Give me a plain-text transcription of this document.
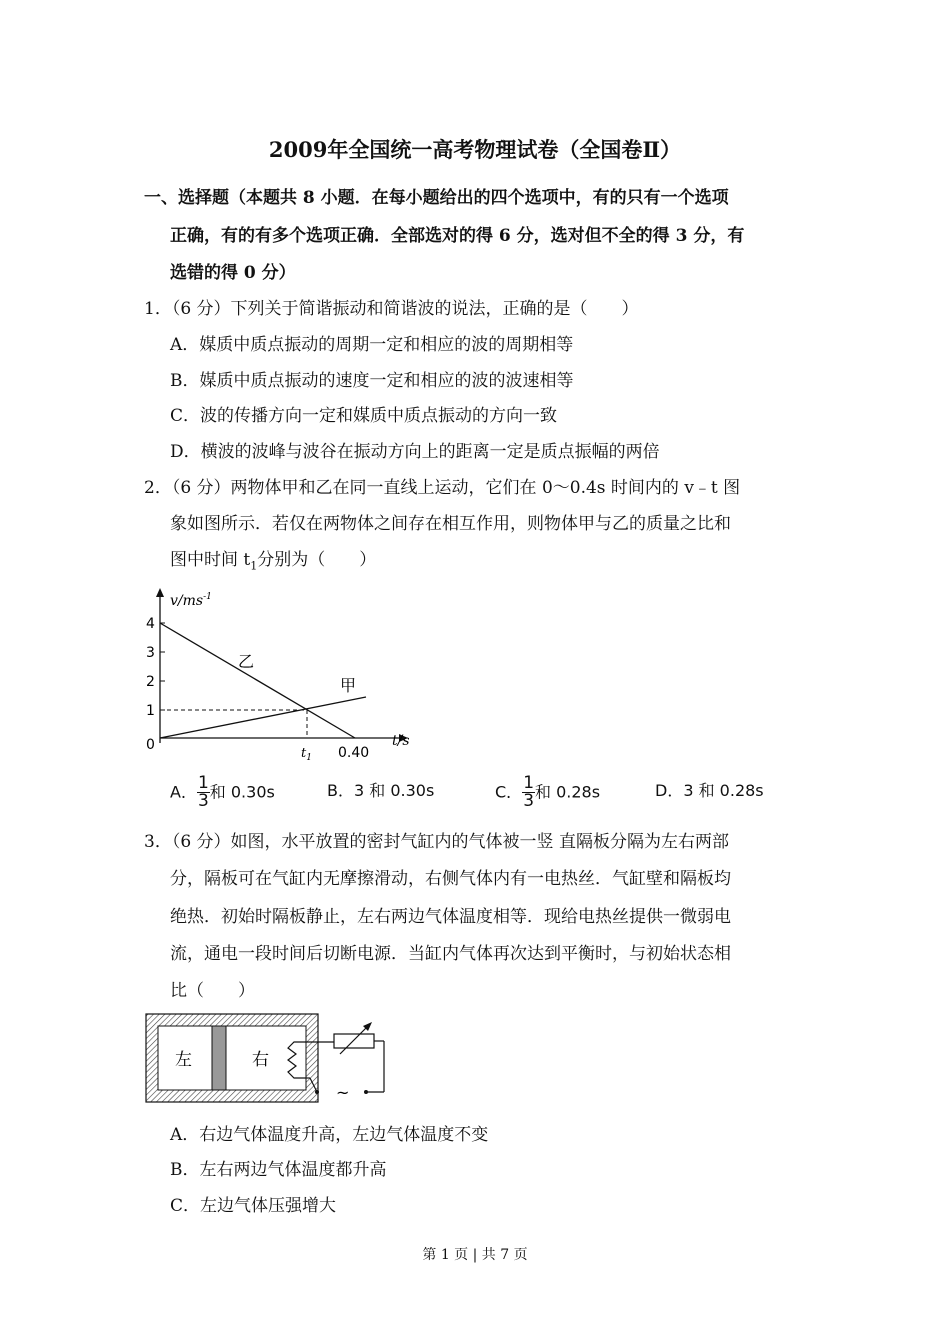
2009年全国统一高考物理试卷（全国卷Ⅱ）
一、选择题（本题共 8 小题．在每小题给出的四个选项中，有的只有一个选项
正确，有的有多个选项正确．全部选对的得 6 分，选对但不全的得 3 分，有
选错的得 0 分）
1．（6 分）下列关于简谐振动和简谐波的说法，正确的是（　　）
A．媒质中质点振动的周期一定和相应的波的周期相等
B．媒质中质点振动的速度一定和相应的波的波速相等
C．波的传播方向一定和媒质中质点振动的方向一致
D．横波的波峰与波谷在振动方向上的距离一定是质点振幅的两倍
2．（6 分）两物体甲和乙在同一直线上运动，它们在 0～0.4s 时间内的 v﹣t 图
象如图所示．若仅在两物体之间存在相互作用，则物体甲与乙的质量之比和
图中时间 $t_1$分别为（　　）
4
3
2
1
0
$v/ms^{-1}$
t/s
乙
甲
$t_1$ 0.40
A． $\frac{1}{3}$ 和 0.30s	B．3 和 0.30s	C． $\frac{1}{3}$ 和 0.28s	D．3 和 0.28s
3．（6 分）如图，水平放置的密封气缸内的气体被一竖 直隔板分隔为左右两部
分，隔板可在气缸内无摩擦滑动，右侧气体内有一电热丝．气缸壁和隔板均
绝热．初始时隔板静止，左右两边气体温度相等．现给电热丝提供一微弱电
流，通电一段时间后切断电源．当缸内气体再次达到平衡时，与初始状态相
比（　　）
左	右
~
A．右边气体温度升高，左边气体温度不变
B．左右两边气体温度都升高
C．左边气体压强增大
第 1 页 | 共 7 页
